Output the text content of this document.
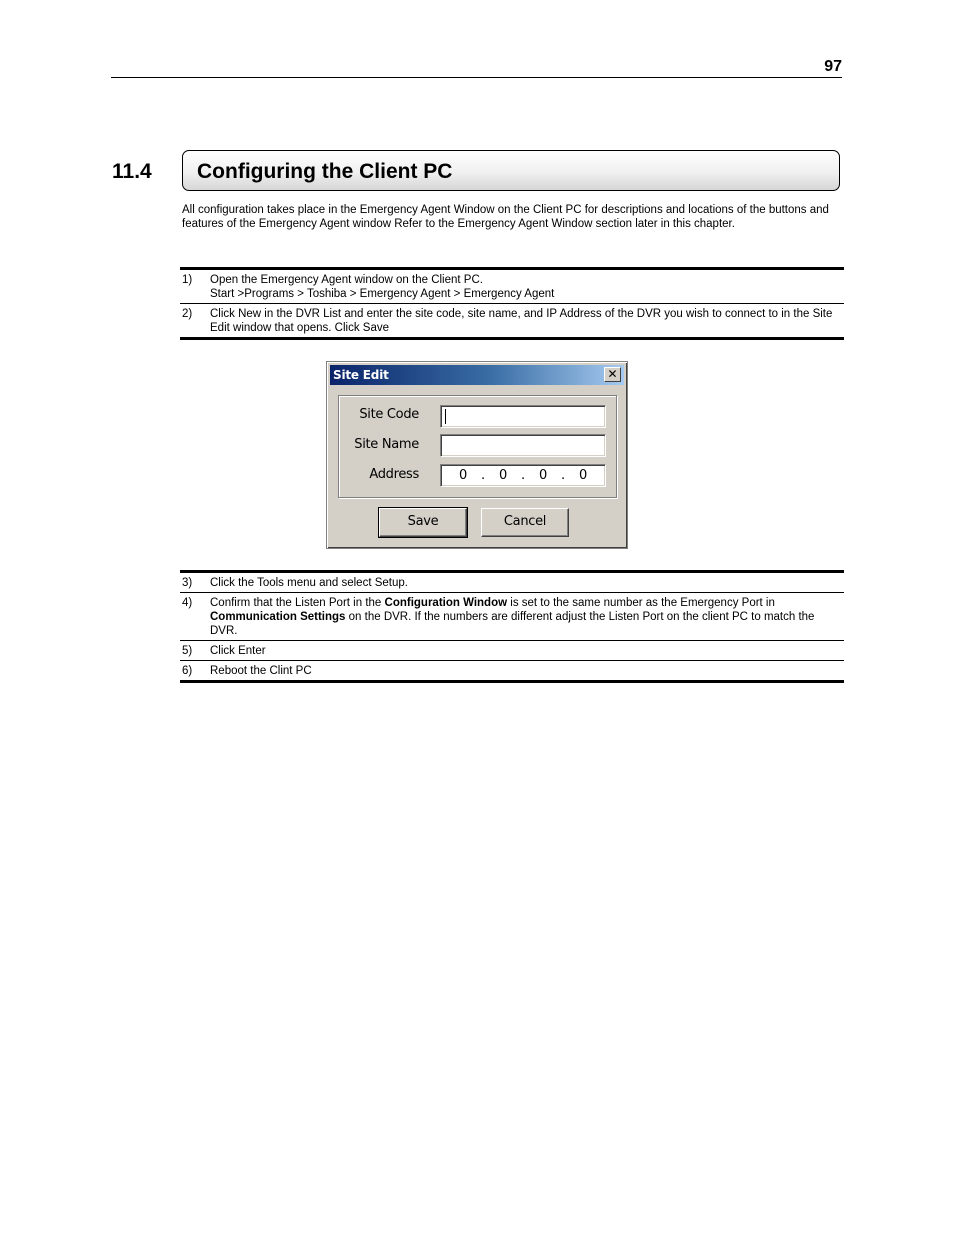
97
11.4 Configuring the Client PC
All configuration takes place in the Emergency Agent Window on the Client PC for descriptions and locations of the buttons and features of the Emergency Agent window Refer to the Emergency Agent Window section later in this chapter.
1)	Open the Emergency Agent window on the Client PC.
Start >Programs > Toshiba > Emergency Agent > Emergency Agent
2)	Click New in the DVR List and enter the site code, site name, and IP Address of the DVR you wish to connect to in the Site Edit window that opens. Click Save
Site Edit	✕
Site Code
Site Name
Address	0 . 0 . 0 . 0
Save	Cancel
3)	Click the Tools menu and select Setup.
4)	Confirm that the Listen Port in the Configuration Window is set to the same number as the Emergency Port in Communication Settings on the DVR. If the numbers are different adjust the Listen Port on the client PC to match the DVR.
5)	Click Enter
6)	Reboot the Clint PC
